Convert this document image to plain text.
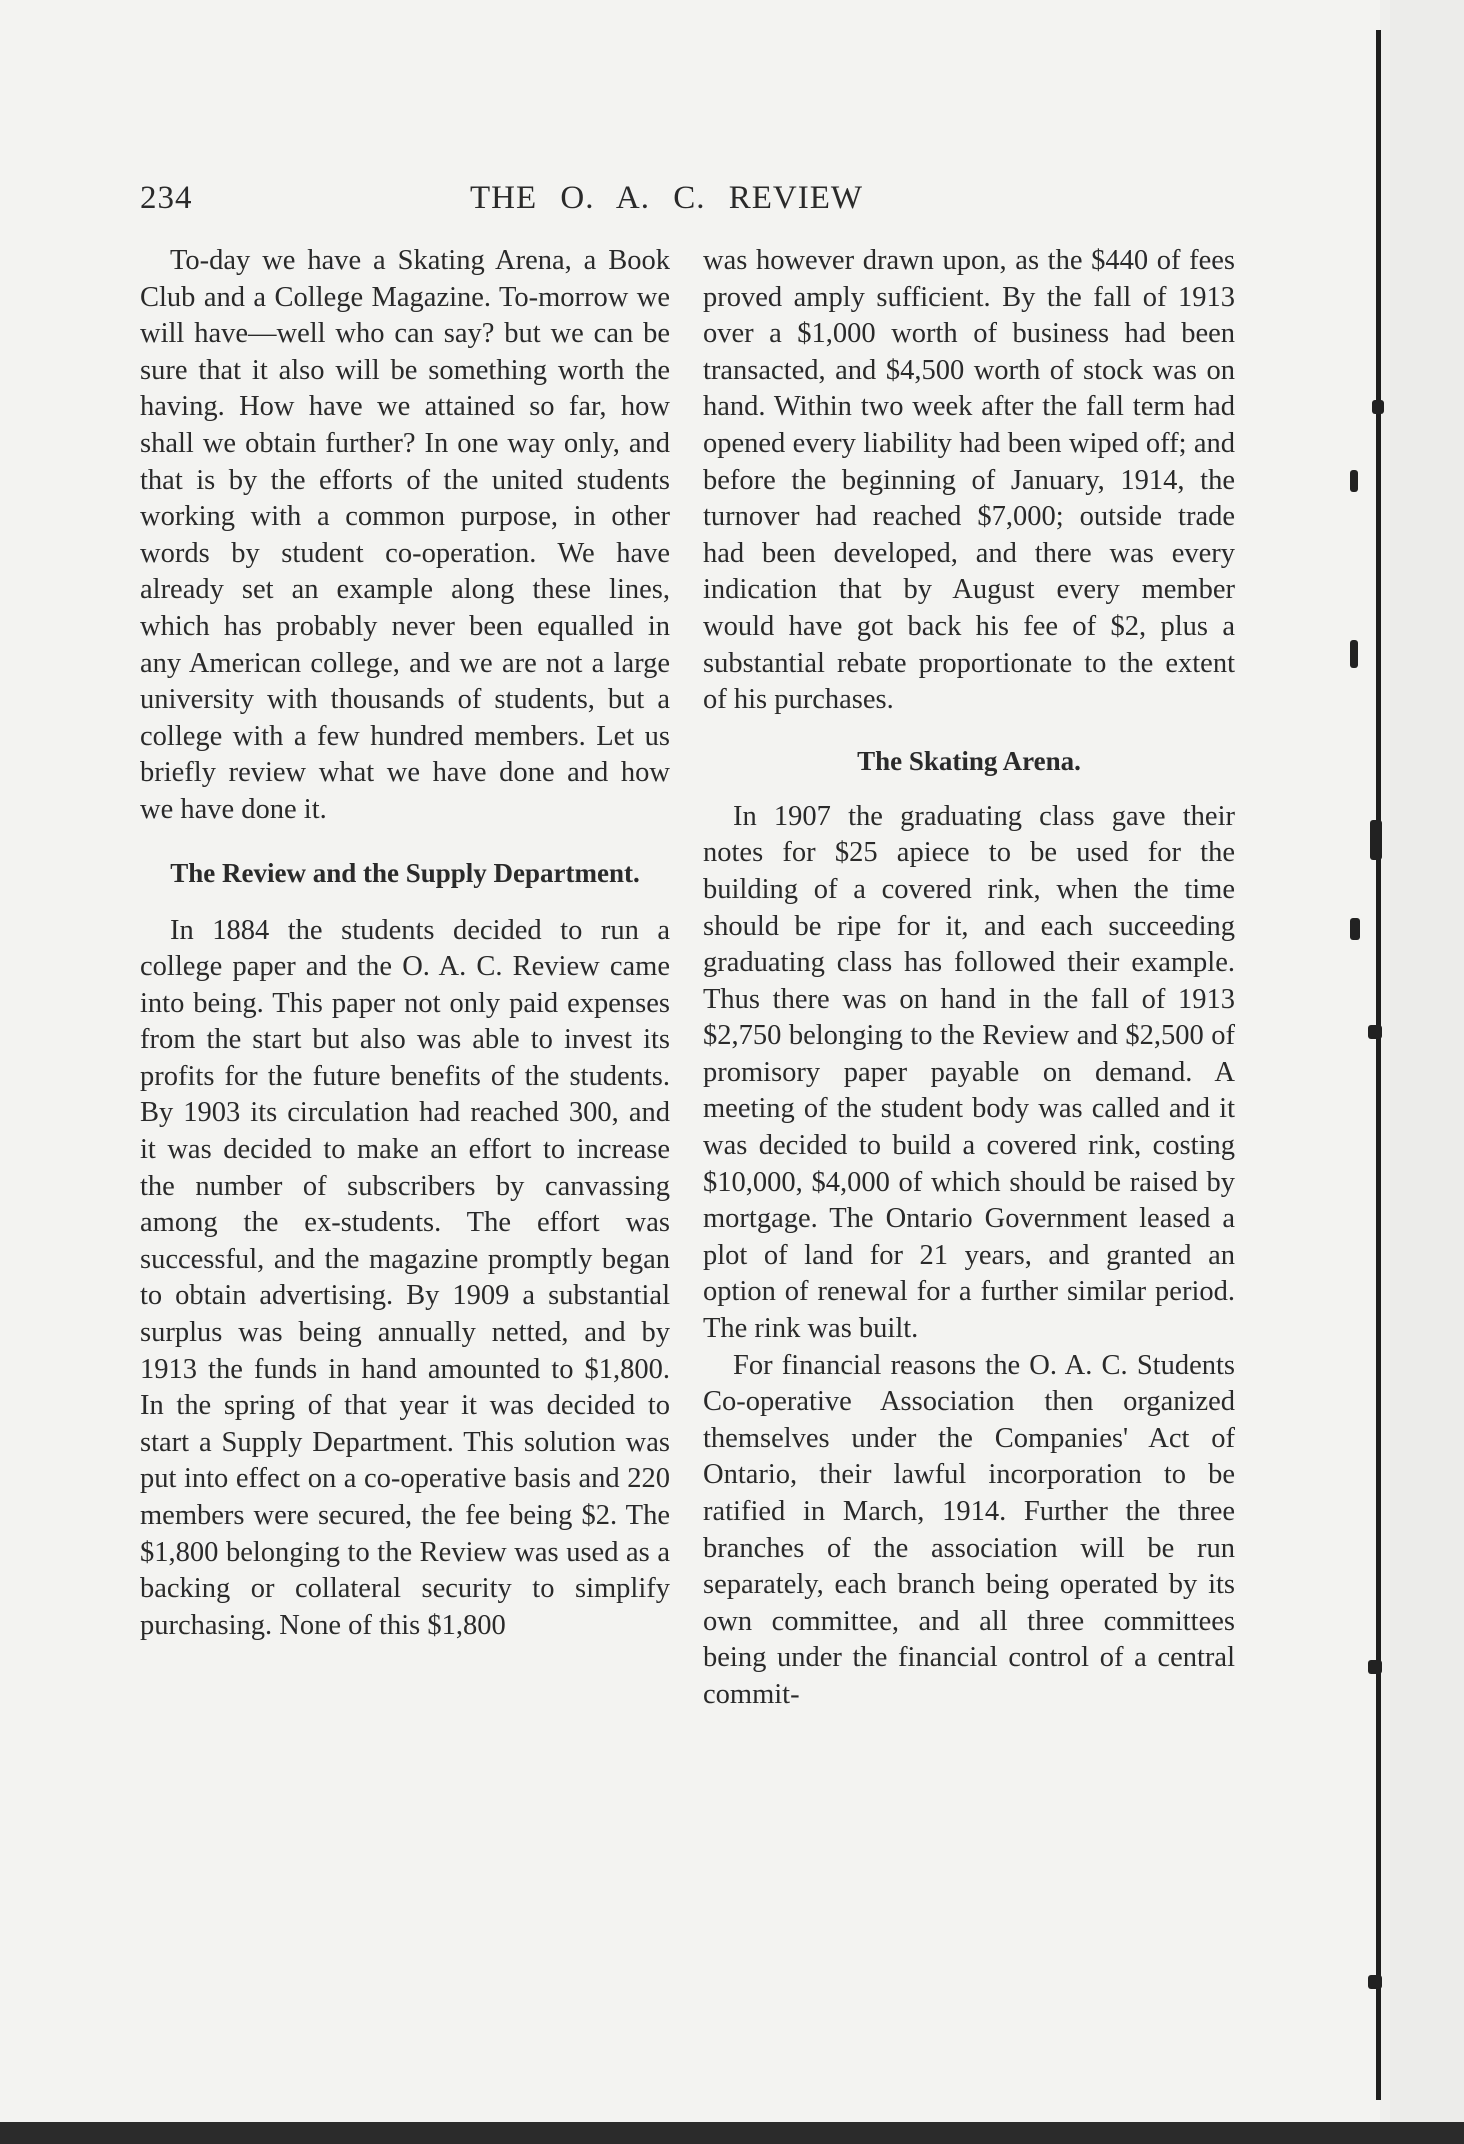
234	THE O. A. C. REVIEW

To-day we have a Skating Arena, a Book Club and a College Magazine. To-morrow we will have—well who can say? but we can be sure that it also will be something worth the having. How have we attained so far, how shall we obtain further? In one way only, and that is by the efforts of the united students working with a common purpose, in other words by student co-operation. We have already set an example along these lines, which has probably never been equalled in any American college, and we are not a large university with thousands of students, but a college with a few hundred members. Let us briefly review what we have done and how we have done it.

The Review and the Supply Department.

In 1884 the students decided to run a college paper and the O. A. C. Review came into being. This paper not only paid expenses from the start but also was able to invest its profits for the future benefits of the students. By 1903 its circulation had reached 300, and it was decided to make an effort to increase the number of subscribers by canvassing among the ex-students. The effort was successful, and the magazine promptly began to obtain advertising. By 1909 a substantial surplus was being annually netted, and by 1913 the funds in hand amounted to $1,800. In the spring of that year it was decided to start a Supply Department. This solution was put into effect on a co-operative basis and 220 members were secured, the fee being $2. The $1,800 belonging to the Review was used as a backing or collateral security to simplify purchasing. None of this $1,800

was however drawn upon, as the $440 of fees proved amply sufficient. By the fall of 1913 over a $1,000 worth of business had been transacted, and $4,500 worth of stock was on hand. Within two week after the fall term had opened every liability had been wiped off; and before the beginning of January, 1914, the turnover had reached $7,000; outside trade had been developed, and there was every indication that by August every member would have got back his fee of $2, plus a substantial rebate proportionate to the extent of his purchases.

The Skating Arena.

In 1907 the graduating class gave their notes for $25 apiece to be used for the building of a covered rink, when the time should be ripe for it, and each succeeding graduating class has followed their example. Thus there was on hand in the fall of 1913 $2,750 belonging to the Review and $2,500 of promisory paper payable on demand. A meeting of the student body was called and it was decided to build a covered rink, costing $10,000, $4,000 of which should be raised by mortgage. The Ontario Government leased a plot of land for 21 years, and granted an option of renewal for a further similar period. The rink was built.

For financial reasons the O. A. C. Students Co-operative Association then organized themselves under the Companies' Act of Ontario, their lawful incorporation to be ratified in March, 1914. Further the three branches of the association will be run separately, each branch being operated by its own committee, and all three committees being under the financial control of a central commit-
